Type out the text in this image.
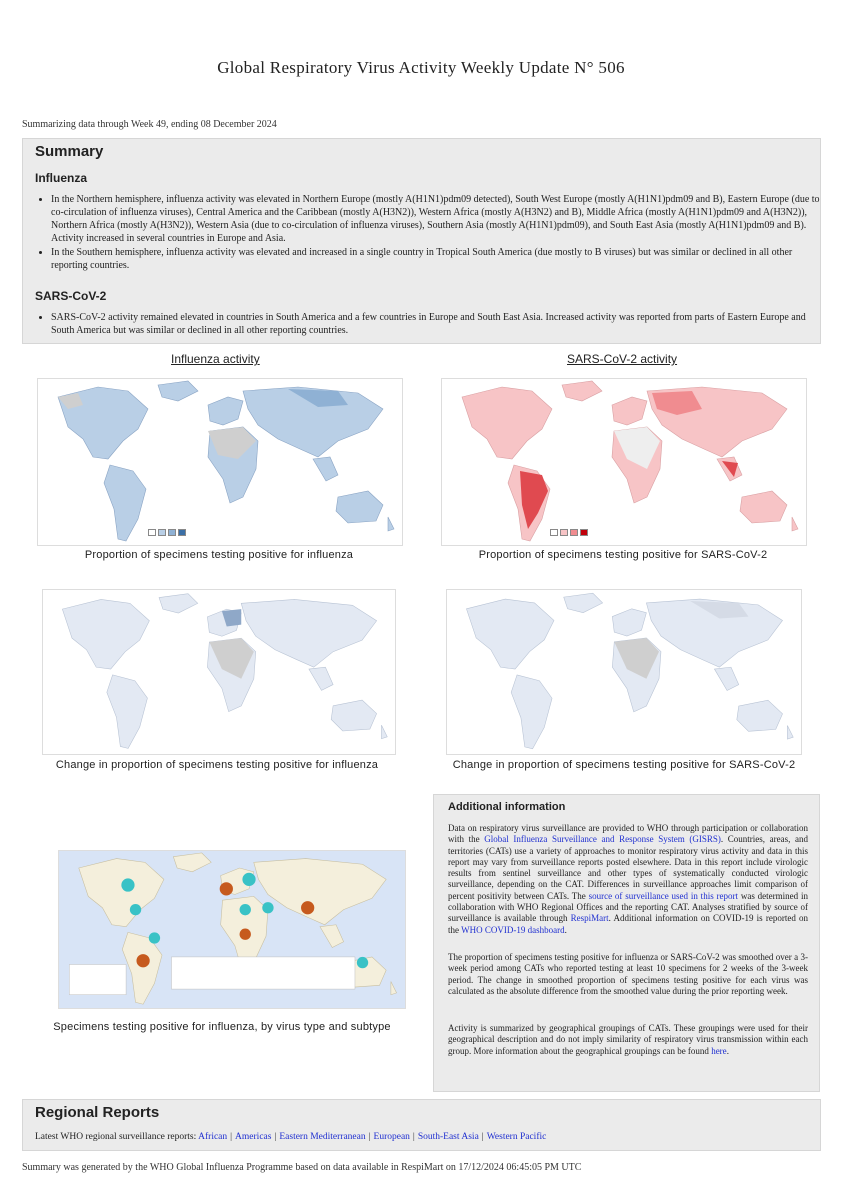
Global Respiratory Virus Activity Weekly Update N° 506
Summarizing data through Week 49, ending 08 December 2024
Summary
Influenza
• In the Northern hemisphere, influenza activity was elevated in Northern Europe (mostly A(H1N1)pdm09 detected), South West Europe (mostly A(H1N1)pdm09 and B), Eastern Europe (due to co-circulation of influenza viruses), Central America and the Caribbean (mostly A(H3N2)), Western Africa (mostly A(H3N2) and B), Middle Africa (mostly A(H1N1)pdm09 and A(H3N2)), Northern Africa (mostly A(H3N2)), Western Asia (due to co-circulation of influenza viruses), Southern Asia (mostly A(H1N1)pdm09), and South East Asia (mostly A(H1N1)pdm09 and B). Activity increased in several countries in Europe and Asia.
• In the Southern hemisphere, influenza activity was elevated and increased in a single country in Tropical South America (due mostly to B viruses) but was similar or declined in all other reporting countries.
SARS-CoV-2
• SARS-CoV-2 activity remained elevated in countries in South America and a few countries in Europe and South East Asia. Increased activity was reported from parts of Eastern Europe and South America but was similar or declined in all other reporting countries.
Influenza activity	SARS-CoV-2 activity
Proportion of specimens testing positive for influenza	Proportion of specimens testing positive for SARS-CoV-2
Change in proportion of specimens testing positive for influenza	Change in proportion of specimens testing positive for SARS-CoV-2
Specimens testing positive for influenza, by virus type and subtype
Additional information
Data on respiratory virus surveillance are provided to WHO through participation or collaboration with the Global Influenza Surveillance and Response System (GISRS). Countries, areas, and territories (CATs) use a variety of approaches to monitor respiratory virus activity and data in this report may vary from surveillance reports posted elsewhere. Data in this report include virologic results from sentinel surveillance and other types of systematically conducted virologic surveillance, depending on the CAT. Differences in surveillance approaches limit comparison of percent positivity between CATs. The source of surveillance used in this report was determined in collaboration with WHO Regional Offices and the reporting CAT. Analyses stratified by source of surveillance is available through RespiMart. Additional information on COVID-19 is reported on the WHO COVID-19 dashboard.
The proportion of specimens testing positive for influenza or SARS-CoV-2 was smoothed over a 3-week period among CATs who reported testing at least 10 specimens for 2 weeks of the 3-week period. The change in smoothed proportion of specimens testing positive for each virus was calculated as the absolute difference from the smoothed value during the prior reporting week.
Activity is summarized by geographical groupings of CATs. These groupings were used for their geographical description and do not imply similarity of respiratory virus transmission within each group. More information about the geographical groupings can be found here.
Regional Reports
Latest WHO regional surveillance reports: African | Americas | Eastern Mediterranean | European | South-East Asia | Western Pacific
Summary was generated by the WHO Global Influenza Programme based on data available in RespiMart on 17/12/2024 06:45:05 PM UTC
